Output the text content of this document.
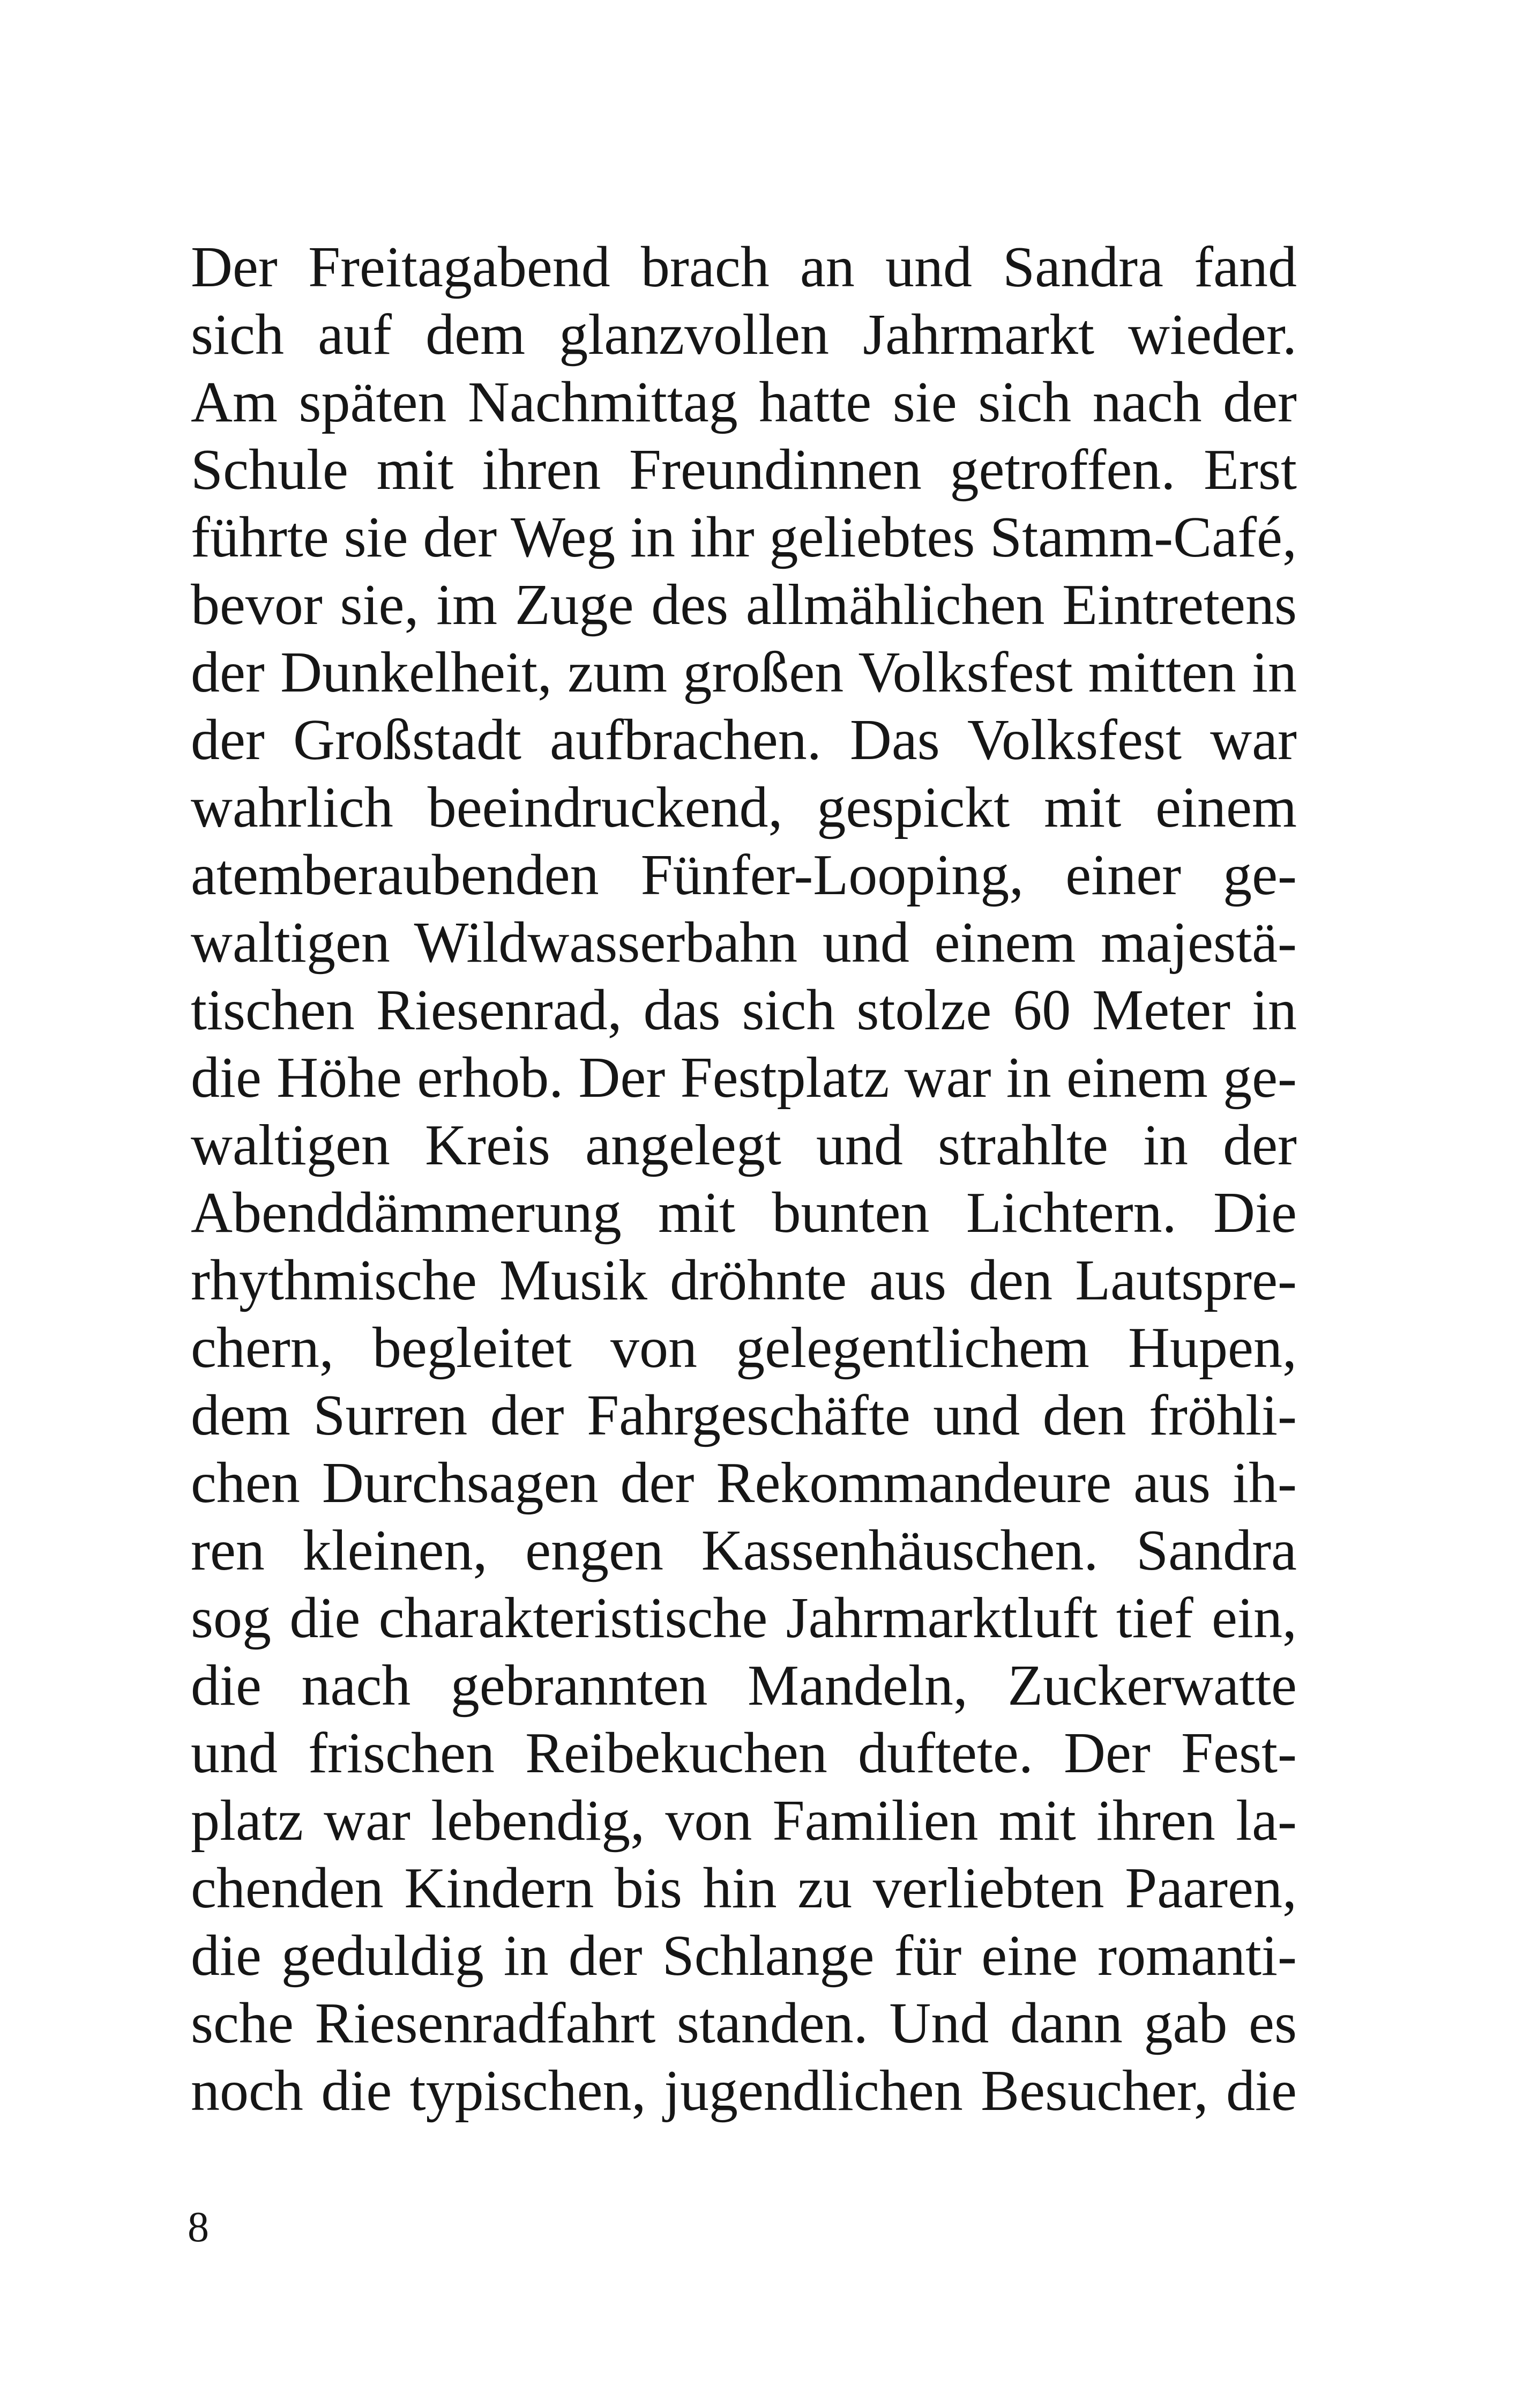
Der Freitagabend brach an und Sandra fand
sich auf dem glanzvollen Jahrmarkt wieder.
Am späten Nachmittag hatte sie sich nach der
Schule mit ihren Freundinnen getroffen. Erst
führte sie der Weg in ihr geliebtes Stamm-Café,
bevor sie, im Zuge des allmählichen Eintretens
der Dunkelheit, zum großen Volksfest mitten in
der Großstadt aufbrachen. Das Volksfest war
wahrlich beeindruckend, gespickt mit einem
atemberaubenden Fünfer-Looping, einer ge-
waltigen Wildwasserbahn und einem majestä-
tischen Riesenrad, das sich stolze 60 Meter in
die Höhe erhob. Der Festplatz war in einem ge-
waltigen Kreis angelegt und strahlte in der
Abenddämmerung mit bunten Lichtern. Die
rhythmische Musik dröhnte aus den Lautspre-
chern, begleitet von gelegentlichem Hupen,
dem Surren der Fahrgeschäfte und den fröhli-
chen Durchsagen der Rekommandeure aus ih-
ren kleinen, engen Kassenhäuschen. Sandra
sog die charakteristische Jahrmarktluft tief ein,
die nach gebrannten Mandeln, Zuckerwatte
und frischen Reibekuchen duftete. Der Fest-
platz war lebendig, von Familien mit ihren la-
chenden Kindern bis hin zu verliebten Paaren,
die geduldig in der Schlange für eine romanti-
sche Riesenradfahrt standen. Und dann gab es
noch die typischen, jugendlichen Besucher, die
8
